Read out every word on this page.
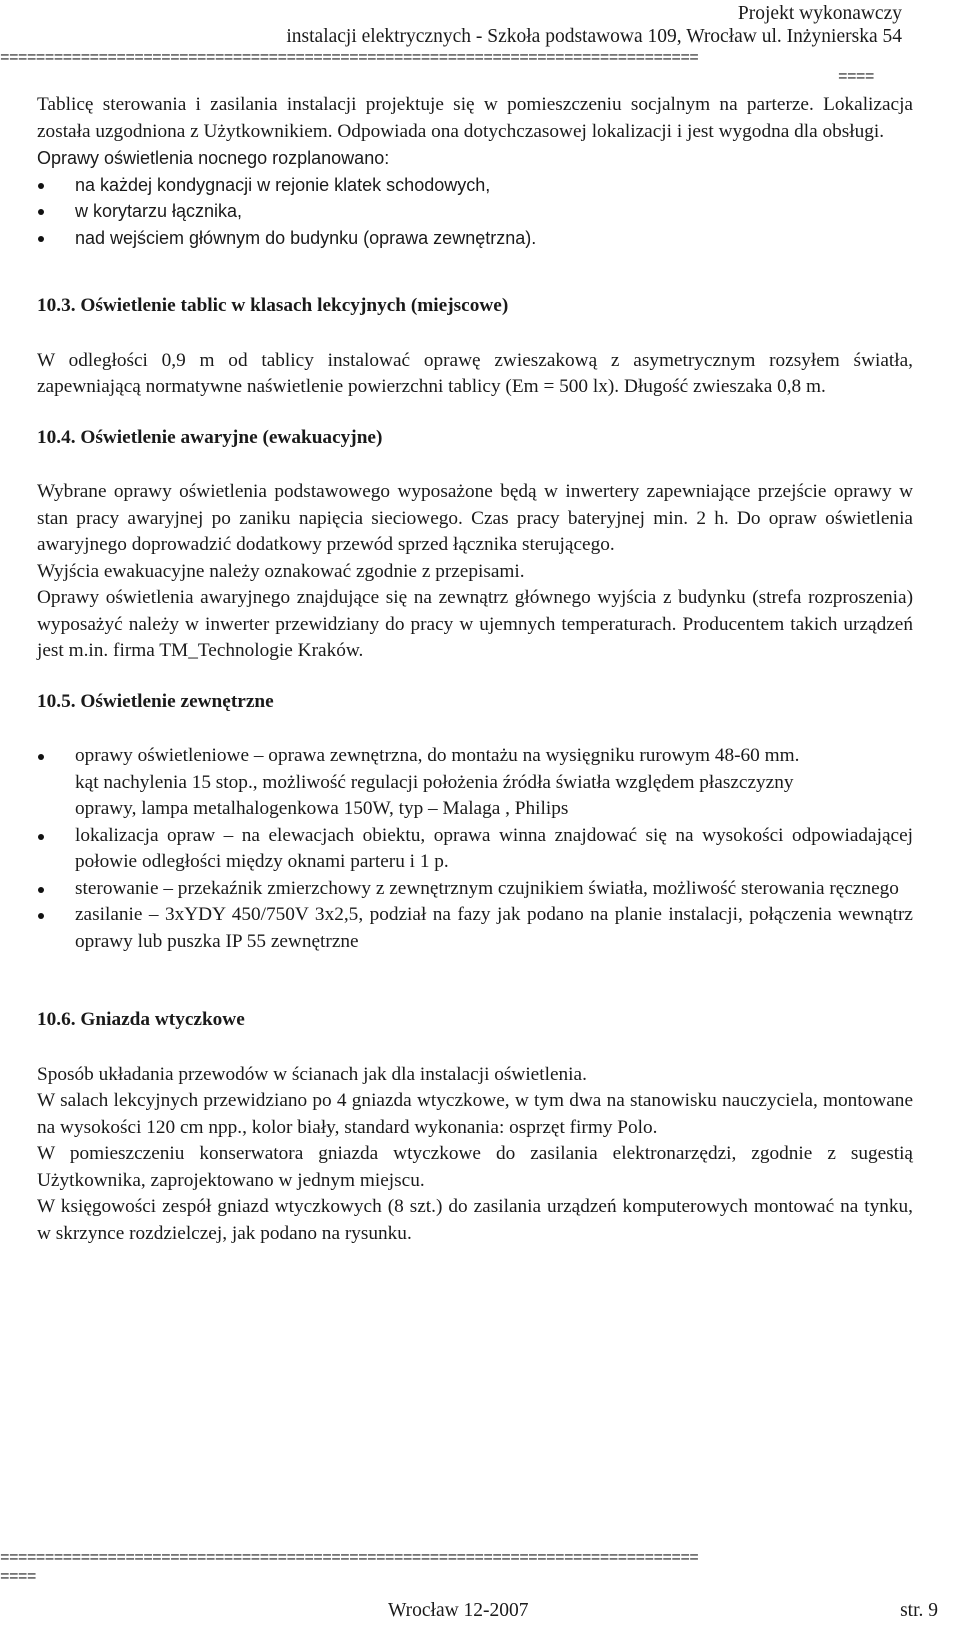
Projekt wykonawczy
instalacji elektrycznych - Szkoła podstawowa 109, Wrocław ul. Inżynierska 54
==============================================================================
====

Tablicę sterowania i zasilania instalacji projektuje się w pomieszczeniu socjalnym na parterze. Lokalizacja została uzgodniona z Użytkownikiem. Odpowiada ona dotychczasowej lokalizacji i jest wygodna dla obsługi.

Oprawy oświetlenia nocnego rozplanowano:

na każdej kondygnacji w rejonie klatek schodowych,
w korytarzu łącznika,
nad wejściem głównym do budynku (oprawa zewnętrzna).

10.3. Oświetlenie tablic w klasach lekcyjnych (miejscowe)

W odległości 0,9 m od tablicy instalować oprawę zwieszakową z asymetrycznym rozsyłem światła, zapewniającą normatywne naświetlenie powierzchni tablicy (Em = 500 lx). Długość zwieszaka 0,8 m.

10.4. Oświetlenie awaryjne (ewakuacyjne)

Wybrane oprawy oświetlenia podstawowego wyposażone będą w inwertery zapewniające przejście oprawy w stan pracy awaryjnej po zaniku napięcia sieciowego. Czas pracy bateryjnej min. 2 h. Do opraw oświetlenia awaryjnego doprowadzić dodatkowy przewód sprzed łącznika sterującego.

Wyjścia ewakuacyjne należy oznakować zgodnie z przepisami.

Oprawy oświetlenia awaryjnego znajdujące się na zewnątrz głównego wyjścia z budynku (strefa rozproszenia) wyposażyć należy w inwerter przewidziany do pracy w ujemnych temperaturach. Producentem takich urządzeń jest m.in. firma TM_Technologie Kraków.

10.5. Oświetlenie zewnętrzne

oprawy oświetleniowe – oprawa zewnętrzna, do montażu na wysięgniku rurowym 48-60 mm.

kąt nachylenia 15 stop., możliwość regulacji położenia źródła światła względem płaszczyzny

oprawy, lampa metalhalogenkowa 150W, typ – Malaga , Philips

lokalizacja opraw – na elewacjach obiektu, oprawa winna znajdować się na wysokości odpowiadającej połowie odległości między oknami parteru i 1 p.
sterowanie – przekaźnik zmierzchowy z zewnętrznym czujnikiem światła, możliwość sterowania ręcznego
zasilanie – 3xYDY 450/750V 3x2,5, podział na fazy jak podano na planie instalacji, połączenia wewnątrz oprawy lub puszka IP 55 zewnętrzne

10.6. Gniazda wtyczkowe

Sposób układania przewodów w ścianach jak dla instalacji oświetlenia.

W salach lekcyjnych przewidziano po 4 gniazda wtyczkowe, w tym dwa na stanowisku nauczyciela, montowane na wysokości 120 cm npp., kolor biały, standard wykonania: osprzęt firmy Polo.

W pomieszczeniu konserwatora gniazda wtyczkowe do zasilania elektronarzędzi, zgodnie z sugestią Użytkownika, zaprojektowano w jednym miejscu.

W księgowości zespół gniazd wtyczkowych (8 szt.) do zasilania urządzeń komputerowych montować na tynku, w skrzynce rozdzielczej, jak podano na rysunku.

==============================================================================
====
Wrocław 12-2007	str. 9
